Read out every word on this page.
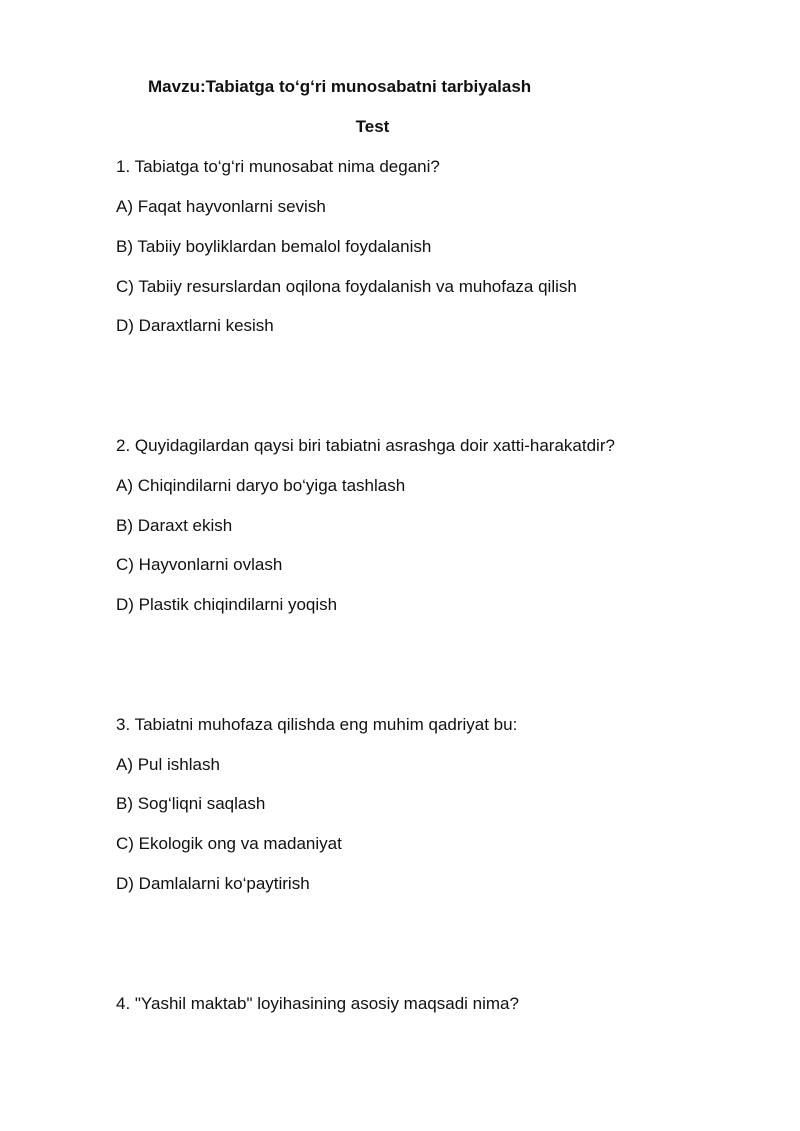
Mavzu:Tabiatga to‘g‘ri munosabatni tarbiyalash
Test
1. Tabiatga to‘g‘ri munosabat nima degani?
A) Faqat hayvonlarni sevish
B) Tabiiy boyliklardan bemalol foydalanish
C) Tabiiy resurslardan oqilona foydalanish va muhofaza qilish
D) Daraxtlarni kesish
2. Quyidagilardan qaysi biri tabiatni asrashga doir xatti-harakatdir?
A) Chiqindilarni daryo bo‘yiga tashlash
B) Daraxt ekish
C) Hayvonlarni ovlash
D) Plastik chiqindilarni yoqish
3. Tabiatni muhofaza qilishda eng muhim qadriyat bu:
A) Pul ishlash
B) Sog‘liqni saqlash
C) Ekologik ong va madaniyat
D) Damlalarni ko‘paytirish
4. "Yashil maktab" loyihasining asosiy maqsadi nima?
